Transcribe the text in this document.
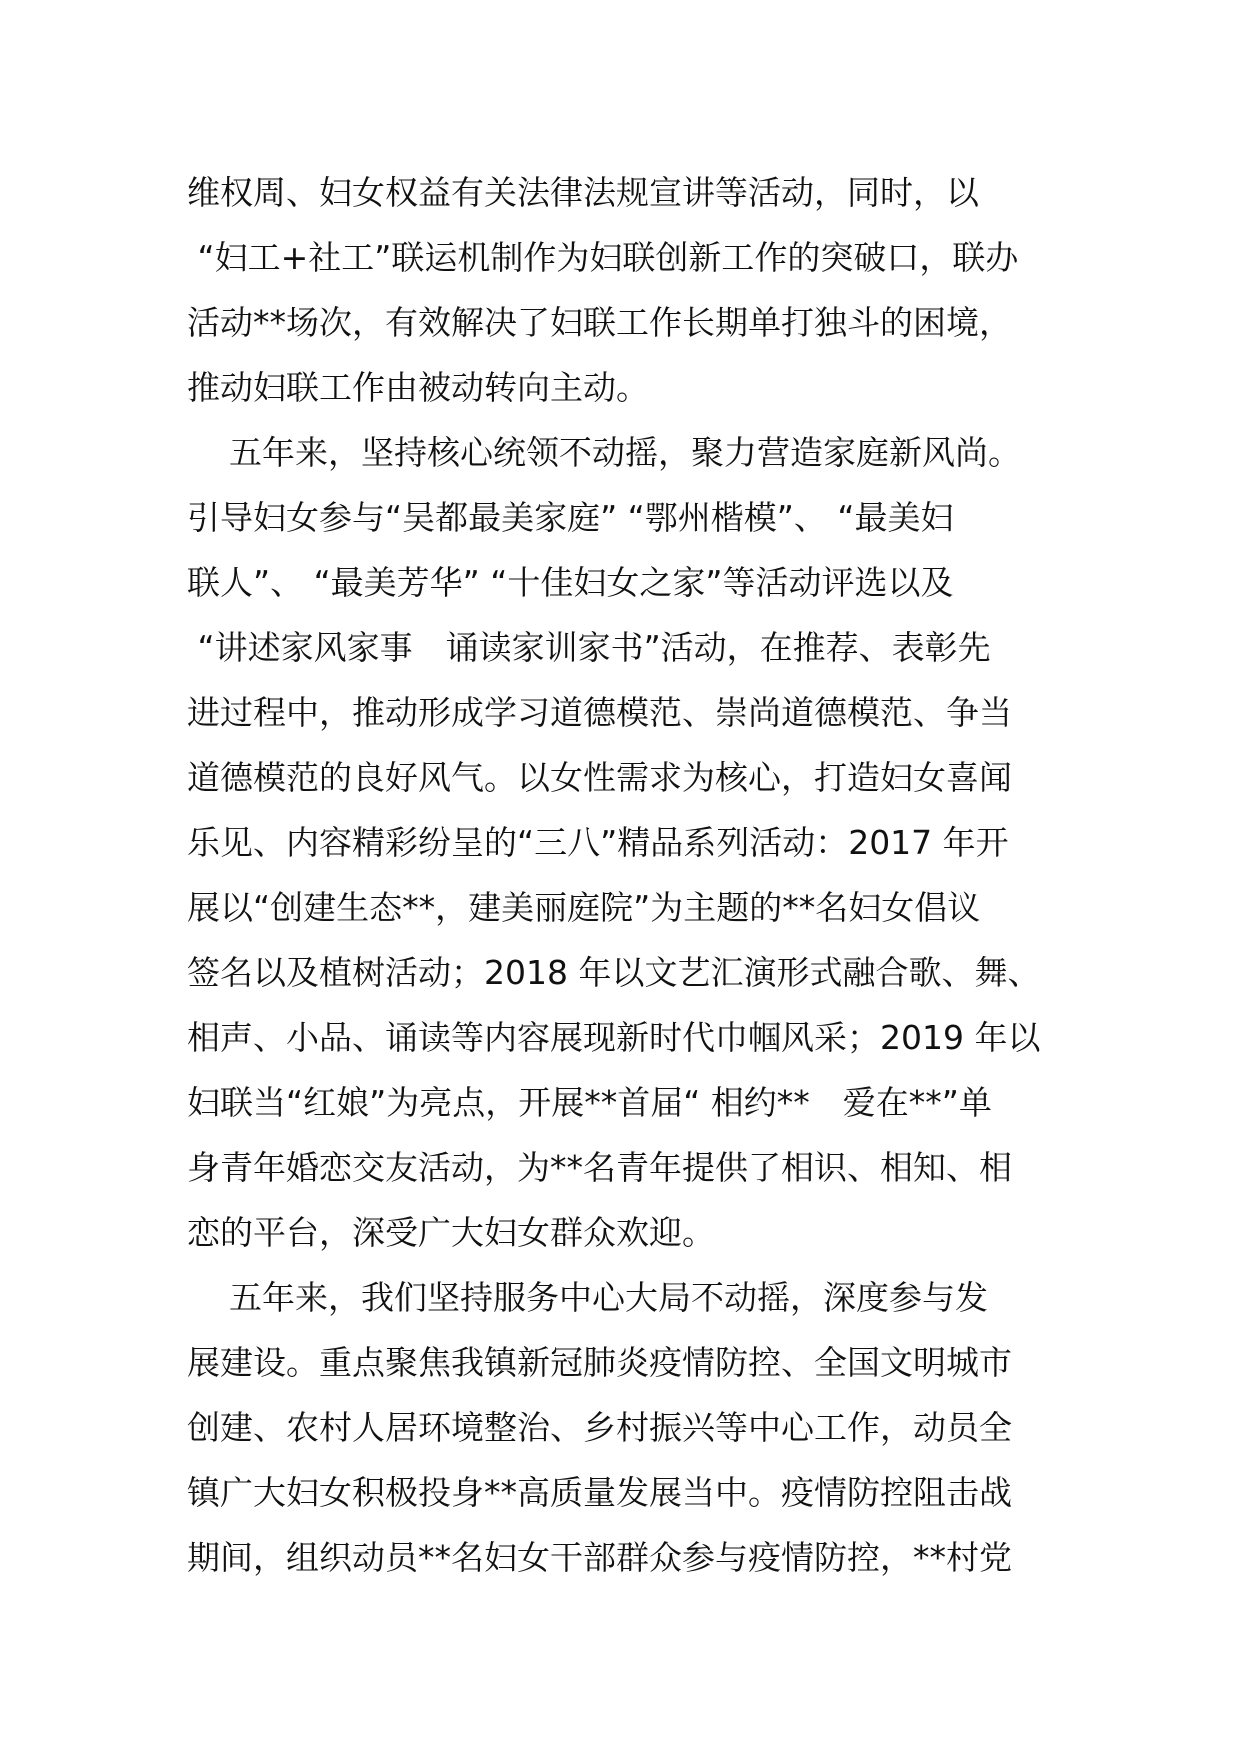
维权周、妇女权益有关法律法规宣讲等活动，同时，以
“妇工+社工”联运机制作为妇联创新工作的突破口，联办
活动**场次，有效解决了妇联工作长期单打独斗的困境，
推动妇联工作由被动转向主动。
五年来，坚持核心统领不动摇，聚力营造家庭新风尚。
引导妇女参与“吴都最美家庭” “鄂州楷模”、 “最美妇
联人”、 “最美芳华” “十佳妇女之家”等活动评选以及
“讲述家风家事　诵读家训家书”活动，在推荐、表彰先
进过程中，推动形成学习道德模范、崇尚道德模范、争当
道德模范的良好风气。以女性需求为核心，打造妇女喜闻
乐见、内容精彩纷呈的“三八”精品系列活动：2017 年开
展以“创建生态**，建美丽庭院”为主题的**名妇女倡议
签名以及植树活动；2018 年以文艺汇演形式融合歌、舞、
相声、小品、诵读等内容展现新时代巾帼风采；2019 年以
妇联当“红娘”为亮点，开展**首届“ 相约**　爱在**”单
身青年婚恋交友活动，为**名青年提供了相识、相知、相
恋的平台，深受广大妇女群众欢迎。
五年来，我们坚持服务中心大局不动摇，深度参与发
展建设。重点聚焦我镇新冠肺炎疫情防控、全国文明城市
创建、农村人居环境整治、乡村振兴等中心工作，动员全
镇广大妇女积极投身**高质量发展当中。疫情防控阻击战
期间，组织动员**名妇女干部群众参与疫情防控，**村党
